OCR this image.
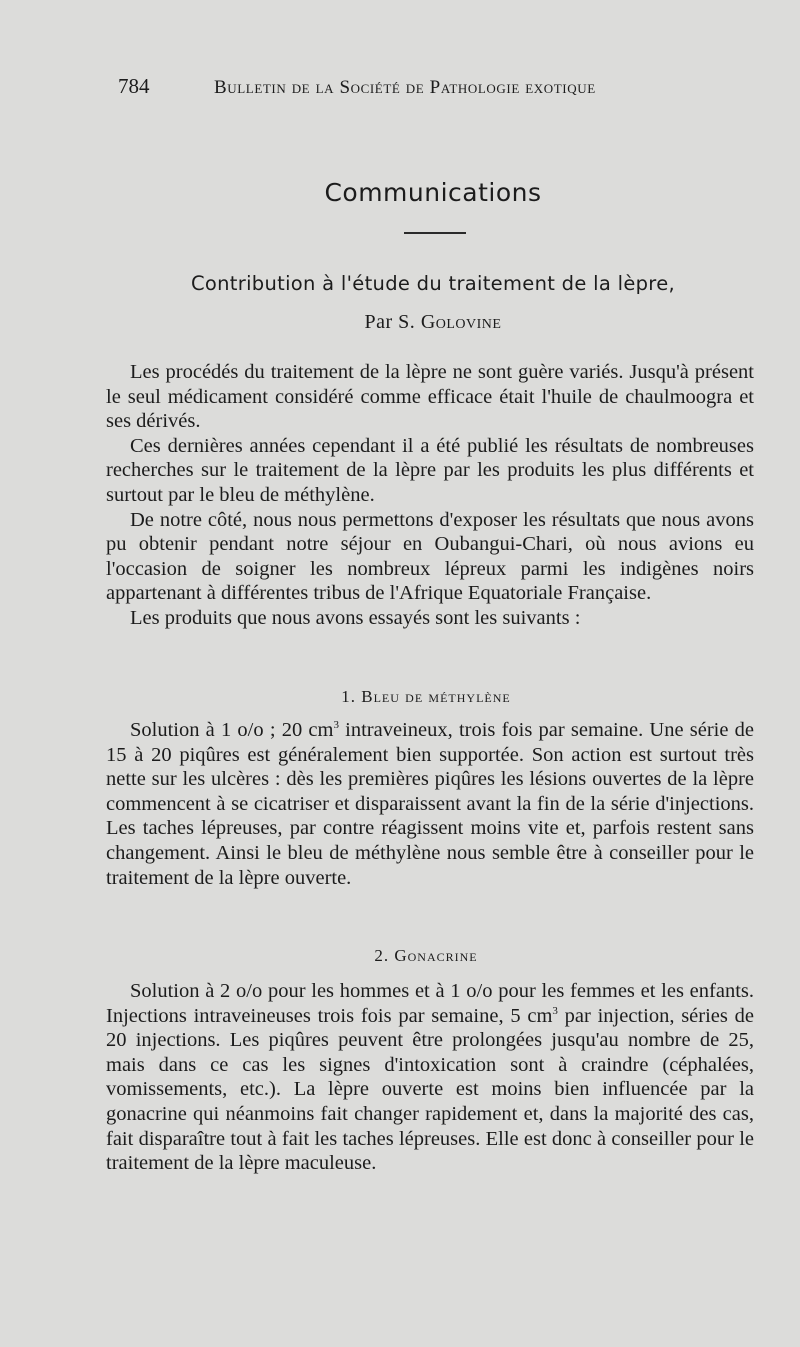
784	Bulletin de la Société de Pathologie exotique
Communications
Contribution à l'étude du traitement de la lèpre,
Par S. Golovine

Les procédés du traitement de la lèpre ne sont guère variés. Jusqu'à présent le seul médicament considéré comme efficace était l'huile de chaulmoogra et ses dérivés.

Ces dernières années cependant il a été publié les résultats de nombreuses recherches sur le traitement de la lèpre par les produits les plus différents et surtout par le bleu de méthylène.

De notre côté, nous nous permettons d'exposer les résultats que nous avons pu obtenir pendant notre séjour en Oubangui-Chari, où nous avions eu l'occasion de soigner les nombreux lépreux parmi les indigènes noirs appartenant à différentes tribus de l'Afrique Equatoriale Française.

Les produits que nous avons essayés sont les suivants :

1. Bleu de méthylène

Solution à 1 o/o ; 20 $cm^3$ intraveineux, trois fois par semaine. Une série de 15 à 20 piqûres est généralement bien supportée. Son action est surtout très nette sur les ulcères : dès les premières piqûres les lésions ouvertes de la lèpre commencent à se cicatriser et disparaissent avant la fin de la série d'injections. Les taches lépreuses, par contre réagissent moins vite et, parfois restent sans changement. Ainsi le bleu de méthylène nous semble être à conseiller pour le traitement de la lèpre ouverte.

2. Gonacrine

Solution à 2 o/o pour les hommes et à 1 o/o pour les femmes et les enfants. Injections intraveineuses trois fois par semaine, 5 $cm^3$ par injection, séries de 20 injections. Les piqûres peuvent être prolongées jusqu'au nombre de 25, mais dans ce cas les signes d'intoxication sont à craindre (céphalées, vomissements, etc.). La lèpre ouverte est moins bien influencée par la gonacrine qui néanmoins fait changer rapidement et, dans la majorité des cas, fait disparaître tout à fait les taches lépreuses. Elle est donc à conseiller pour le traitement de la lèpre maculeuse.
